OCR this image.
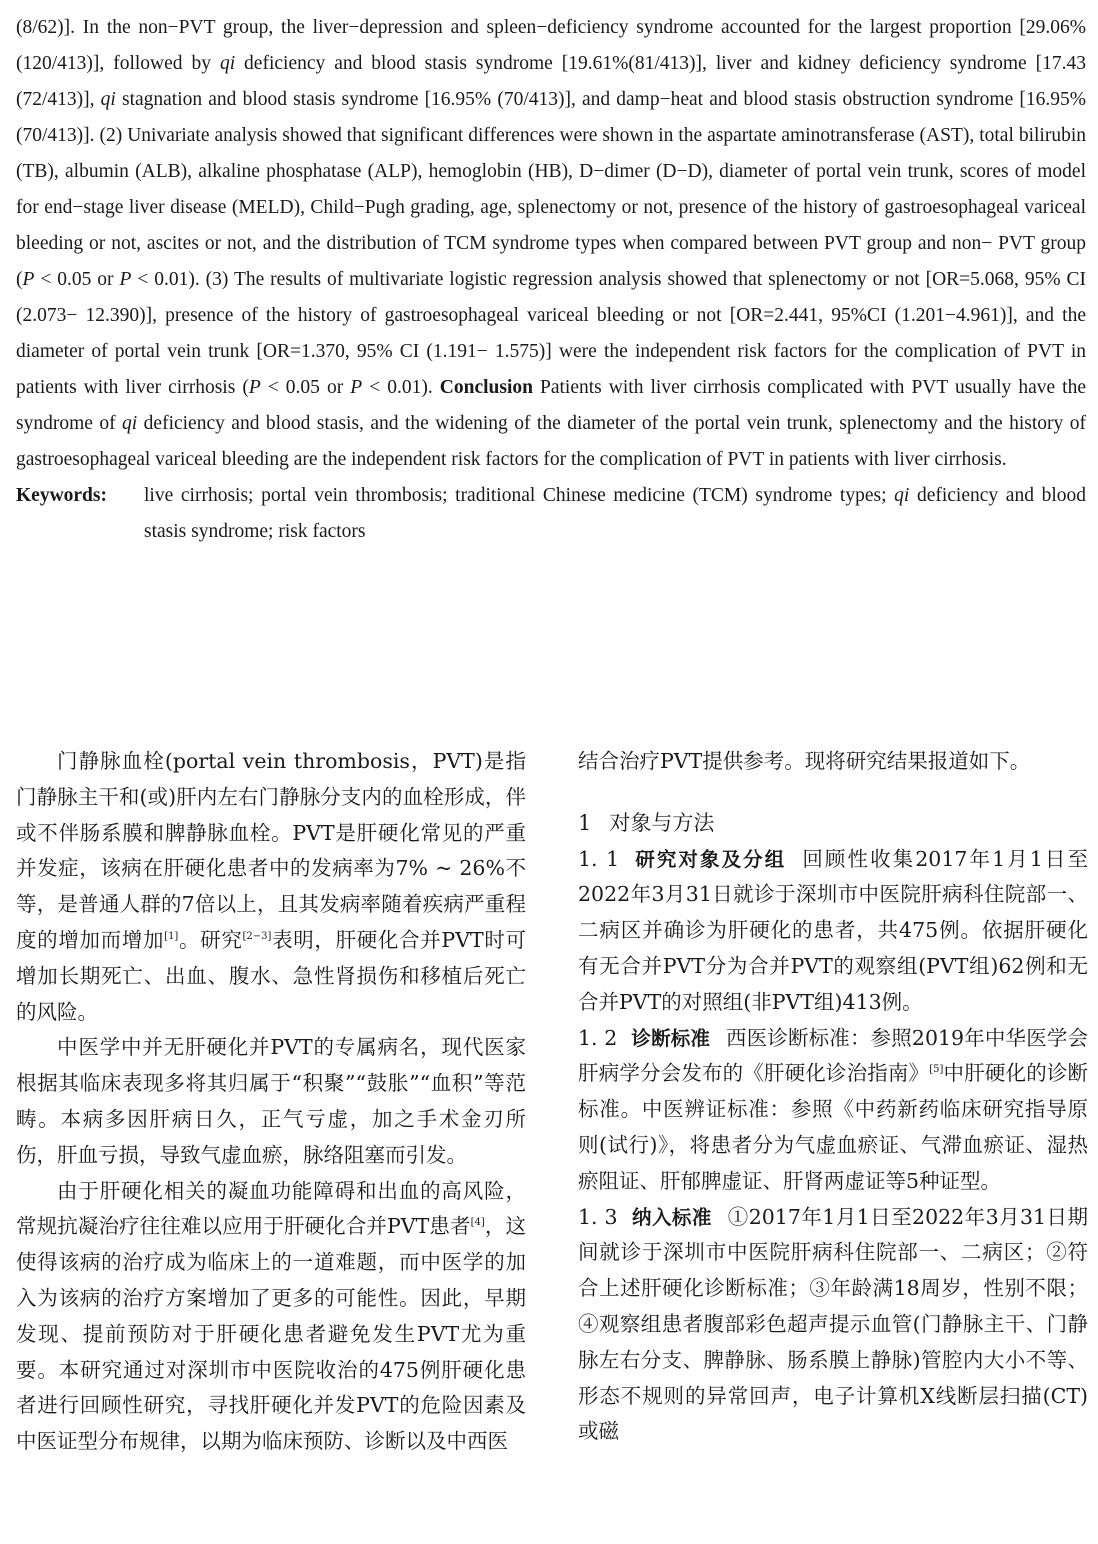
(8/62)]. In the non−PVT group, the liver−depression and spleen−deficiency syndrome accounted for the largest proportion [29.06% (120/413)], followed by qi deficiency and blood stasis syndrome [19.61%(81/413)], liver and kidney deficiency syndrome [17.43 (72/413)], qi stagnation and blood stasis syndrome [16.95% (70/413)], and damp−heat and blood stasis obstruction syndrome [16.95% (70/413)]. (2) Univariate analysis showed that significant differences were shown in the aspartate aminotransferase (AST), total bilirubin (TB), albumin (ALB), alkaline phosphatase (ALP), hemoglobin (HB), D−dimer (D−D), diameter of portal vein trunk, scores of model for end−stage liver disease (MELD), Child−Pugh grading, age, splenectomy or not, presence of the history of gastroesophageal variceal bleeding or not, ascites or not, and the distribution of TCM syndrome types when compared between PVT group and non− PVT group (P < 0.05 or P < 0.01). (3) The results of multivariate logistic regression analysis showed that splenectomy or not [OR=5.068, 95% CI (2.073− 12.390)], presence of the history of gastroesophageal variceal bleeding or not [OR=2.441, 95%CI (1.201−4.961)], and the diameter of portal vein trunk [OR=1.370, 95% CI (1.191− 1.575)] were the independent risk factors for the complication of PVT in patients with liver cirrhosis (P < 0.05 or P < 0.01). Conclusion Patients with liver cirrhosis complicated with PVT usually have the syndrome of qi deficiency and blood stasis, and the widening of the diameter of the portal vein trunk, splenectomy and the history of gastroesophageal variceal bleeding are the independent risk factors for the complication of PVT in patients with liver cirrhosis.

Keywords:	live cirrhosis; portal vein thrombosis; traditional Chinese medicine (TCM) syndrome types; qi deficiency and blood stasis syndrome; risk factors

门静脉血栓(portal vein thrombosis，PVT)是指门静脉主干和(或)肝内左右门静脉分支内的血栓形成，伴或不伴肠系膜和脾静脉血栓。PVT是肝硬化常见的严重并发症，该病在肝硬化患者中的发病率为7% ~ 26%不等，是普通人群的7倍以上，且其发病率随着疾病严重程度的增加而增加[1]。研究[2−3]表明，肝硬化合并PVT时可增加长期死亡、出血、腹水、急性肾损伤和移植后死亡的风险。

中医学中并无肝硬化并PVT的专属病名，现代医家根据其临床表现多将其归属于“积聚”“鼓胀”“血积”等范畴。本病多因肝病日久，正气亏虚，加之手术金刃所伤，肝血亏损，导致气虚血瘀，脉络阻塞而引发。

由于肝硬化相关的凝血功能障碍和出血的高风险，常规抗凝治疗往往难以应用于肝硬化合并PVT患者[4]，这使得该病的治疗成为临床上的一道难题，而中医学的加入为该病的治疗方案增加了更多的可能性。因此，早期发现、提前预防对于肝硬化患者避免发生PVT尤为重要。本研究通过对深圳市中医院收治的475例肝硬化患者进行回顾性研究，寻找肝硬化并发PVT的危险因素及中医证型分布规律，以期为临床预防、诊断以及中西医

结合治疗PVT提供参考。现将研究结果报道如下。

1 对象与方法

1. 1 研究对象及分组 回顾性收集2017年1月1日至2022年3月31日就诊于深圳市中医院肝病科住院部一、二病区并确诊为肝硬化的患者，共475例。依据肝硬化有无合并PVT分为合并PVT的观察组(PVT组)62例和无合并PVT的对照组(非PVT组)413例。

1. 2 诊断标准 西医诊断标准：参照2019年中华医学会肝病学分会发布的《肝硬化诊治指南》[5]中肝硬化的诊断标准。中医辨证标准：参照《中药新药临床研究指导原则(试行)》，将患者分为气虚血瘀证、气滞血瘀证、湿热瘀阻证、肝郁脾虚证、肝肾两虚证等5种证型。

1. 3 纳入标准 ①2017年1月1日至2022年3月31日期间就诊于深圳市中医院肝病科住院部一、二病区；②符合上述肝硬化诊断标准；③年龄满18周岁，性别不限；④观察组患者腹部彩色超声提示血管(门静脉主干、门静脉左右分支、脾静脉、肠系膜上静脉)管腔内大小不等、形态不规则的异常回声，电子计算机X线断层扫描(CT)或磁
